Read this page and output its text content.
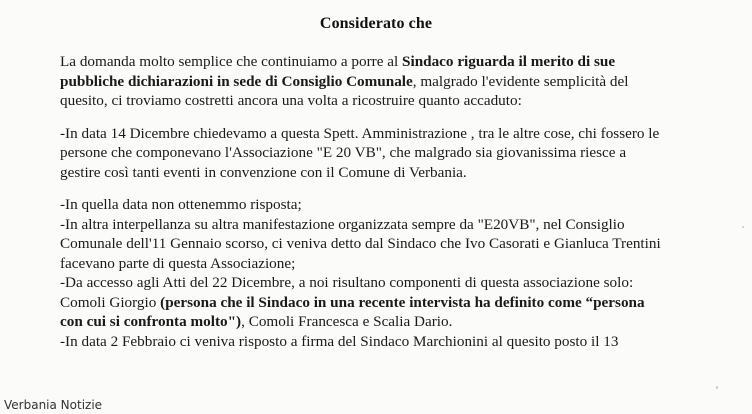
Considerato che
La domanda molto semplice che continuiamo a porre al Sindaco riguarda il merito di sue
pubbliche dichiarazioni in sede di Consiglio Comunale, malgrado l'evidente semplicità del
quesito, ci troviamo costretti ancora una volta a ricostruire quanto accaduto:
-In data 14 Dicembre chiedevamo a questa Spett. Amministrazione , tra le altre cose, chi fossero le
persone che componevano l'Associazione "E 20 VB", che malgrado sia giovanissima riesce a
gestire così tanti eventi in convenzione con il Comune di Verbania.
-In quella data non ottenemmo risposta;
-In altra interpellanza su altra manifestazione organizzata sempre da "E20VB", nel Consiglio
Comunale dell'11 Gennaio scorso, ci veniva detto dal Sindaco che Ivo Casorati e Gianluca Trentini
facevano parte di questa Associazione;
-Da accesso agli Atti del 22 Dicembre, a noi risultano componenti di questa associazione solo:
Comoli Giorgio (persona che il Sindaco in una recente intervista ha definito come “persona
con cui si confronta molto"), Comoli Francesca e Scalia Dario.
-In data 2 Febbraio ci veniva risposto a firma del Sindaco Marchionini al quesito posto il 13
Verbania Notizie
